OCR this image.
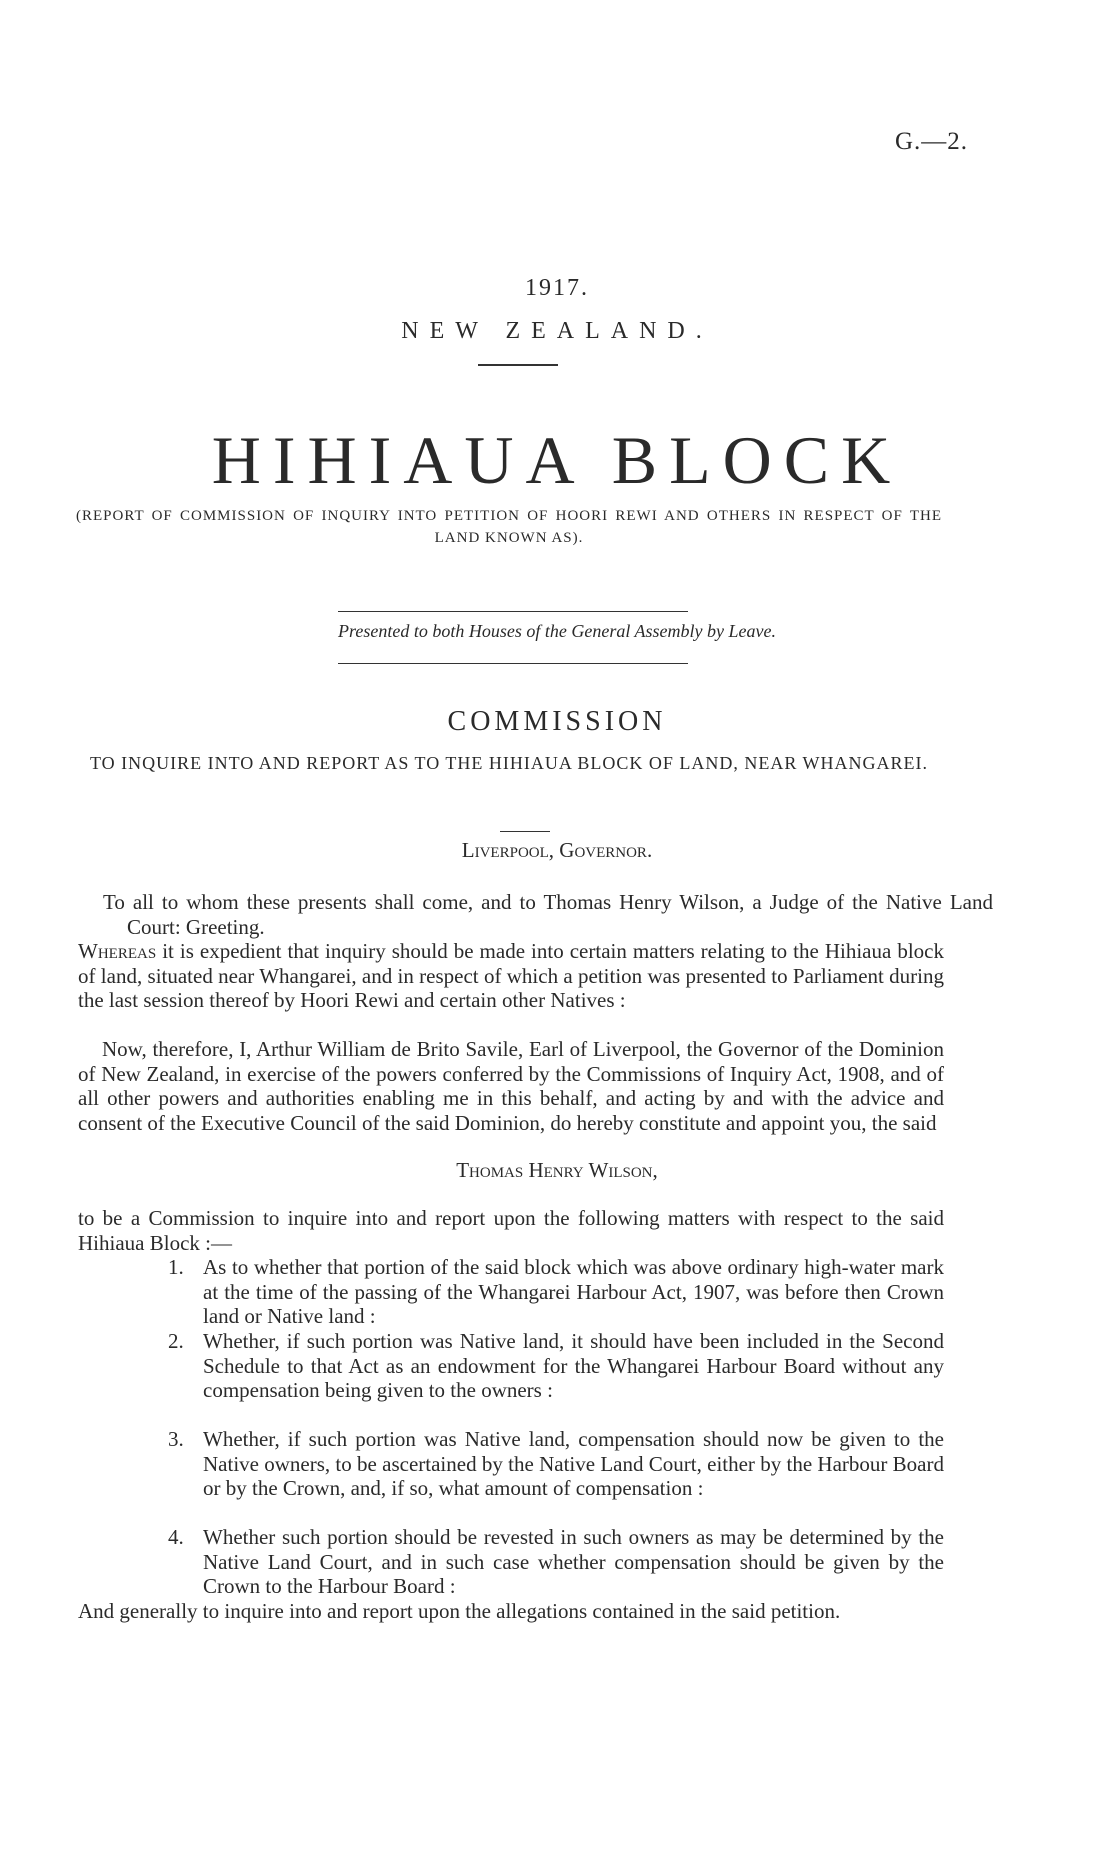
G.—2.
1917.
NEW ZEALAND.
HIHIAUA BLOCK
(REPORT OF COMMISSION OF INQUIRY INTO PETITION OF HOORI REWI AND OTHERS IN RESPECT OF THE LAND KNOWN AS).
Presented to both Houses of the General Assembly by Leave.
COMMISSION
TO INQUIRE INTO AND REPORT AS TO THE HIHIAUA BLOCK OF LAND, NEAR WHANGAREI.
Liverpool, Governor.
To all to whom these presents shall come, and to Thomas Henry Wilson, a Judge of the Native Land Court: Greeting.
Whereas it is expedient that inquiry should be made into certain matters relating to the Hihiaua block of land, situated near Whangarei, and in respect of which a petition was presented to Parliament during the last session thereof by Hoori Rewi and certain other Natives :
Now, therefore, I, Arthur William de Brito Savile, Earl of Liverpool, the Governor of the Dominion of New Zealand, in exercise of the powers conferred by the Commissions of Inquiry Act, 1908, and of all other powers and authorities enabling me in this behalf, and acting by and with the advice and consent of the Executive Council of the said Dominion, do hereby constitute and appoint you, the said
Thomas Henry Wilson,
to be a Commission to inquire into and report upon the following matters with respect to the said Hihiaua Block :—
1. As to whether that portion of the said block which was above ordinary high-water mark at the time of the passing of the Whangarei Harbour Act, 1907, was before then Crown land or Native land :
2. Whether, if such portion was Native land, it should have been included in the Second Schedule to that Act as an endowment for the Whangarei Harbour Board without any compensation being given to the owners :
3. Whether, if such portion was Native land, compensation should now be given to the Native owners, to be ascertained by the Native Land Court, either by the Harbour Board or by the Crown, and, if so, what amount of compensation :
4. Whether such portion should be revested in such owners as may be determined by the Native Land Court, and in such case whether compensation should be given by the Crown to the Harbour Board :
And generally to inquire into and report upon the allegations contained in the said petition.
